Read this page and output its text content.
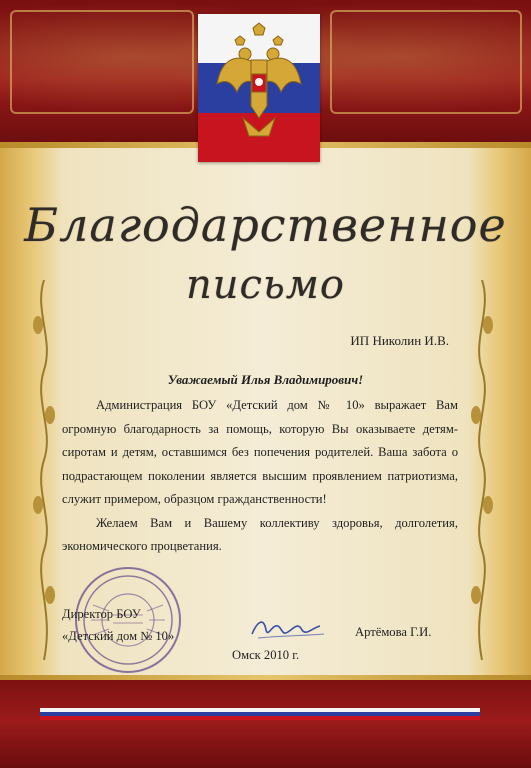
Благодарственное
письмо
ИП Николин И.В.
Уважаемый Илья Владимирович!

Администрация БОУ «Детский дом № 10» выражает Вам огромную благодарность за помощь, которую Вы оказываете детям-сиротам и детям, оставшимся без попечения родителей. Ваша забота о подрастающем поколении является высшим проявлением патриотизма, служит примером, образцом гражданственности!

Желаем Вам и Вашему коллективу здоровья, долголетия, экономического процветания.

Директор БОУ
«Детский дом № 10»	Артёмова Г.И.
Омск 2010 г.
